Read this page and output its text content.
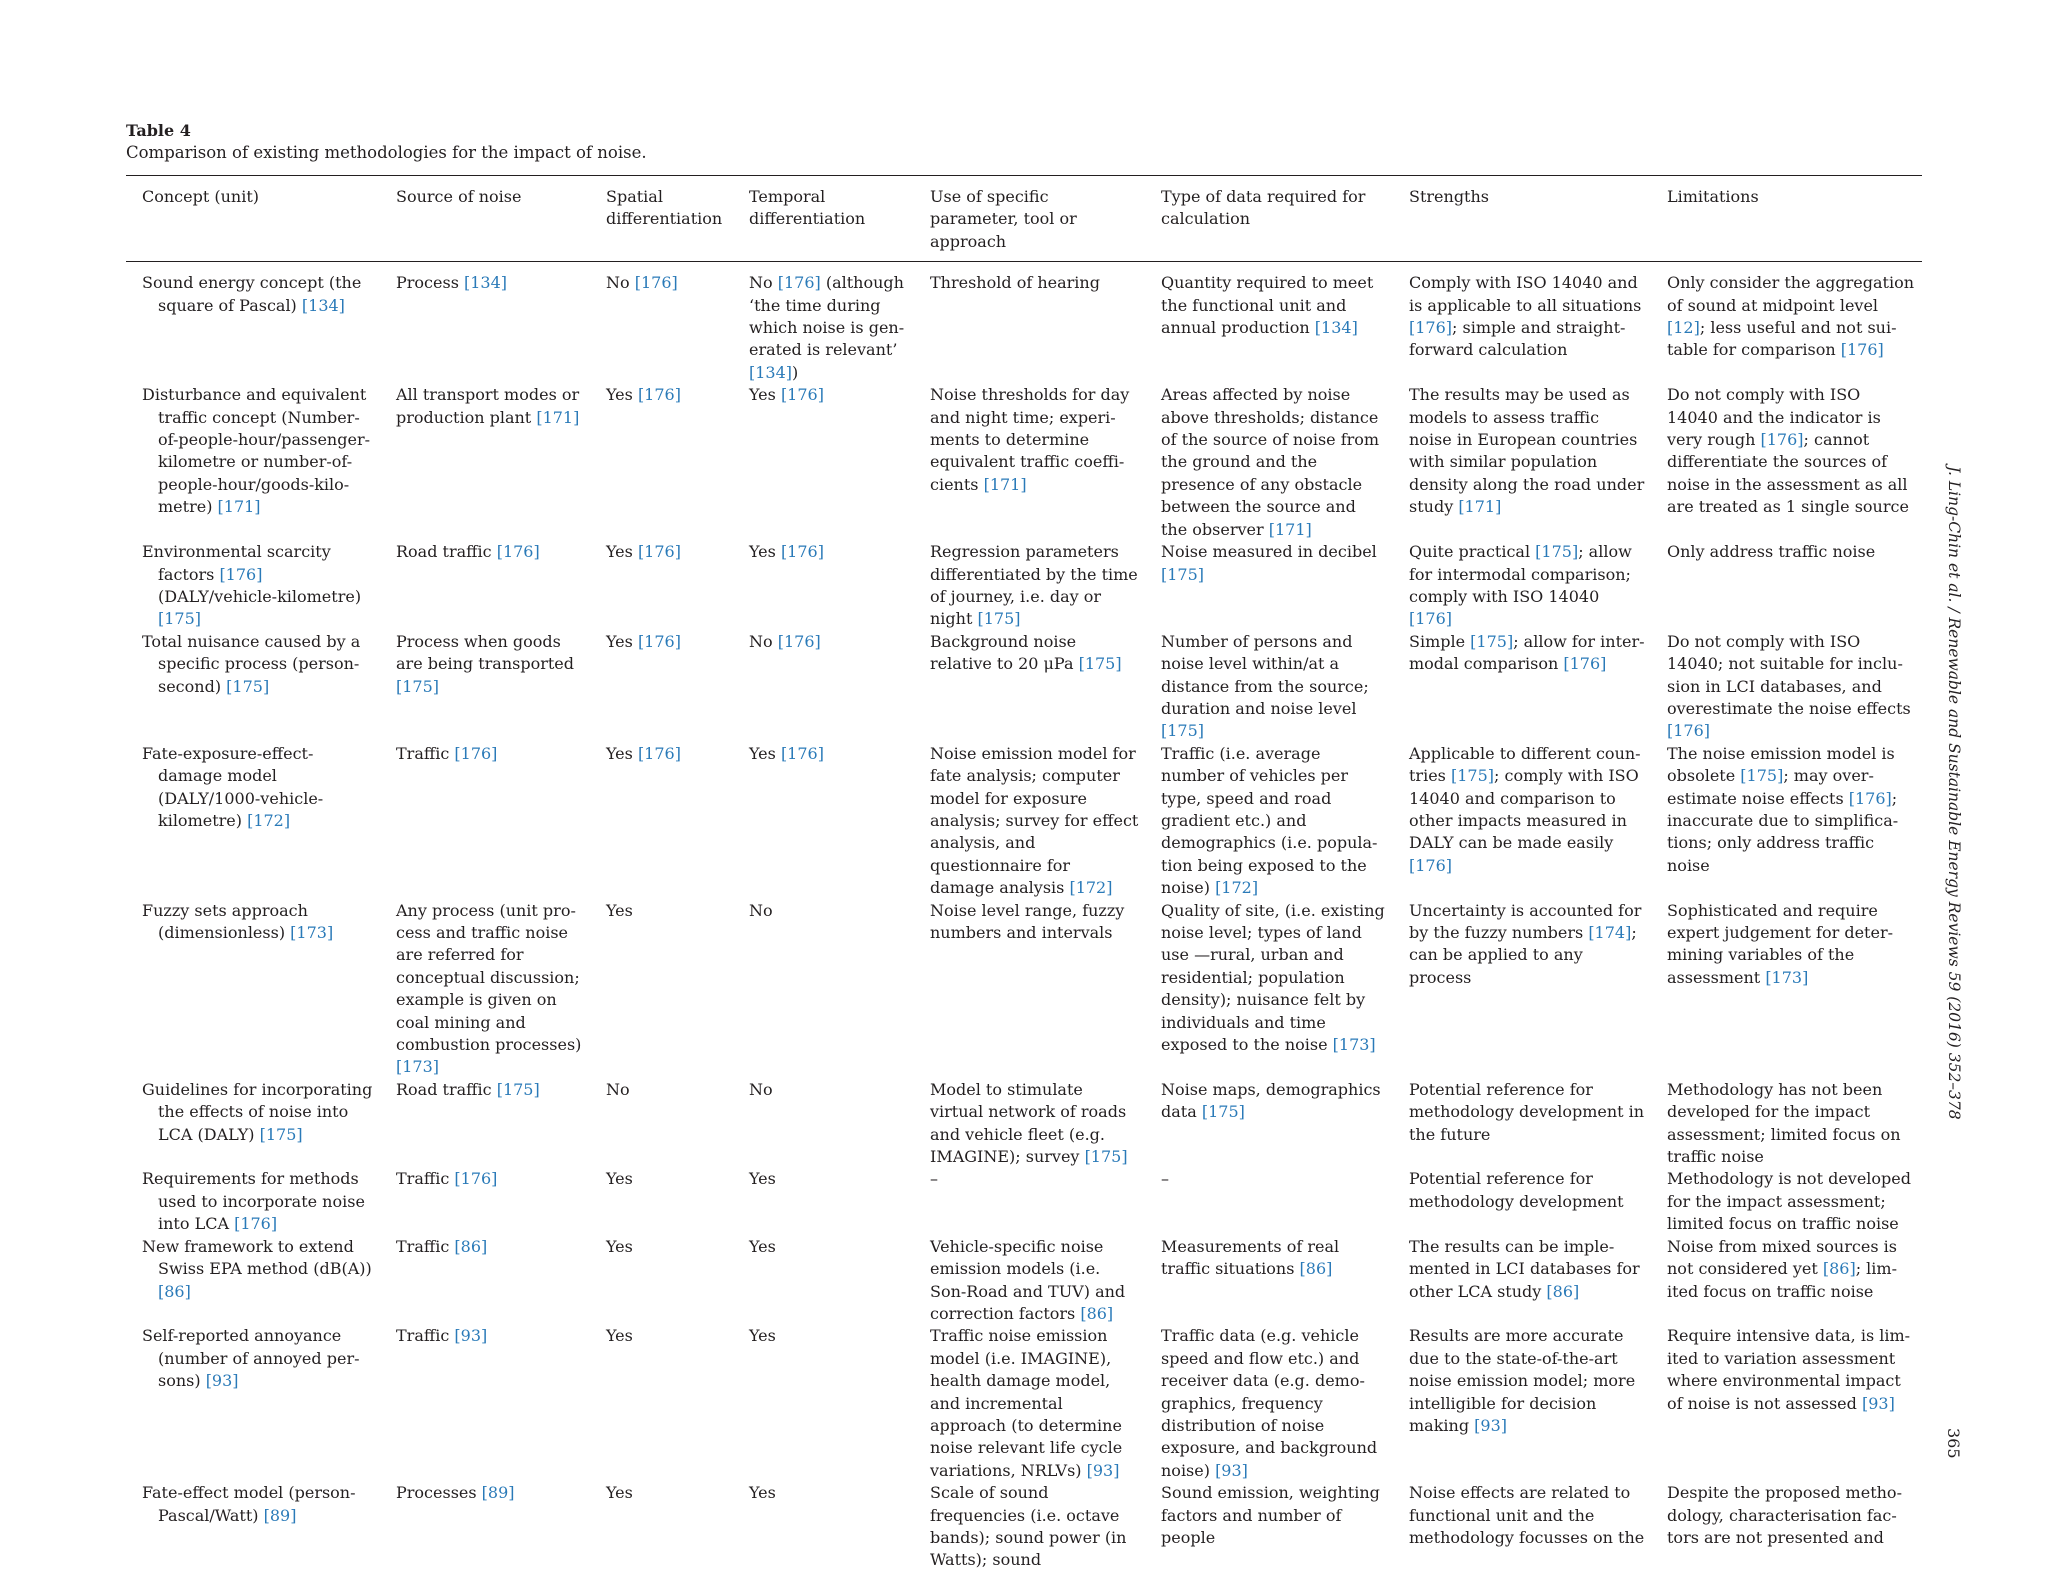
Table 4
Comparison of existing methodologies for the impact of noise.
Concept (unit)	Source of noise	Spatial differentiation	Temporal differentiation	Use of specific parameter, tool or approach	Type of data required for calculation	Strengths	Limitations
Sound energy concept (the square of Pascal) [134]	Process [134]	No [176]	No [176] (although ‘the time during which noise is generated is relevant’ [134])	Threshold of hearing	Quantity required to meet the functional unit and annual production [134]	Comply with ISO 14040 and is applicable to all situations [176]; simple and straight-forward calculation	Only consider the aggregation of sound at midpoint level [12]; less useful and not suitable for comparison [176]
Disturbance and equivalent traffic concept (Number-of-people-hour/passenger-kilometre or number-of-people-hour/goods-kilometre) [171]	All transport modes or production plant [171]	Yes [176]	Yes [176]	Noise thresholds for day and night time; experiments to determine equivalent traffic coefficients [171]	Areas affected by noise above thresholds; distance of the source of noise from the ground and the presence of any obstacle between the source and the observer [171]	The results may be used as models to assess traffic noise in European countries with similar population density along the road under study [171]	Do not comply with ISO 14040 and the indicator is very rough [176]; cannot differentiate the sources of noise in the assessment as all are treated as 1 single source
Environmental scarcity factors [176] (DALY/vehicle-kilometre) [175]	Road traffic [176]	Yes [176]	Yes [176]	Regression parameters differentiated by the time of journey, i.e. day or night [175]	Noise measured in decibel [175]	Quite practical [175]; allow for intermodal comparison; comply with ISO 14040 [176]	Only address traffic noise
Total nuisance caused by a specific process (person-second) [175]	Process when goods are being transported [175]	Yes [176]	No [176]	Background noise relative to 20 μPa [175]	Number of persons and noise level within/at a distance from the source; duration and noise level [175]	Simple [175]; allow for intermodal comparison [176]	Do not comply with ISO 14040; not suitable for inclusion in LCI databases, and overestimate the noise effects [176]
Fate-exposure-effect-damage model (DALY/1000-vehicle-kilometre) [172]	Traffic [176]	Yes [176]	Yes [176]	Noise emission model for fate analysis; computer model for exposure analysis; survey for effect analysis, and questionnaire for damage analysis [172]	Traffic (i.e. average number of vehicles per type, speed and road gradient etc.) and demographics (i.e. population being exposed to the noise) [172]	Applicable to different countries [175]; comply with ISO 14040 and comparison to other impacts measured in DALY can be made easily [176]	The noise emission model is obsolete [175]; may overestimate noise effects [176]; inaccurate due to simplifications; only address traffic noise
Fuzzy sets approach (dimensionless) [173]	Any process (unit process and traffic noise are referred for conceptual discussion; example is given on coal mining and combustion processes) [173]	Yes	No	Noise level range, fuzzy numbers and intervals	Quality of site, (i.e. existing noise level; types of land use —rural, urban and residential; population density); nuisance felt by individuals and time exposed to the noise [173]	Uncertainty is accounted for by the fuzzy numbers [174]; can be applied to any process	Sophisticated and require expert judgement for determining variables of the assessment [173]
Guidelines for incorporating the effects of noise into LCA (DALY) [175]	Road traffic [175]	No	No	Model to stimulate virtual network of roads and vehicle fleet (e.g. IMAGINE); survey [175]	Noise maps, demographics data [175]	Potential reference for methodology development in the future	Methodology has not been developed for the impact assessment; limited focus on traffic noise
Requirements for methods used to incorporate noise into LCA [176]	Traffic [176]	Yes	Yes	–	–	Potential reference for methodology development	Methodology is not developed for the impact assessment; limited focus on traffic noise
New framework to extend Swiss EPA method (dB(A)) [86]	Traffic [86]	Yes	Yes	Vehicle-specific noise emission models (i.e. Son-Road and TUV) and correction factors [86]	Measurements of real traffic situations [86]	The results can be implemented in LCI databases for other LCA study [86]	Noise from mixed sources is not considered yet [86]; limited focus on traffic noise
Self-reported annoyance (number of annoyed persons) [93]	Traffic [93]	Yes	Yes	Traffic noise emission model (i.e. IMAGINE), health damage model, and incremental approach (to determine noise relevant life cycle variations, NRLVs) [93]	Traffic data (e.g. vehicle speed and flow etc.) and receiver data (e.g. demographics, frequency distribution of noise exposure, and background noise) [93]	Results are more accurate due to the state-of-the-art noise emission model; more intelligible for decision making [93]	Require intensive data, is limited to variation assessment where environmental impact of noise is not assessed [93]
Fate-effect model (person-Pascal/Watt) [89]	Processes [89]	Yes	Yes	Scale of sound frequencies (i.e. octave bands); sound power (in Watts); sound	Sound emission, weighting factors and number of people	Noise effects are related to functional unit and the methodology focusses on the	Despite the proposed methodology, characterisation factors are not presented and
J. Ling-Chin et al. / Renewable and Sustainable Energy Reviews 59 (2016) 352–378
365
